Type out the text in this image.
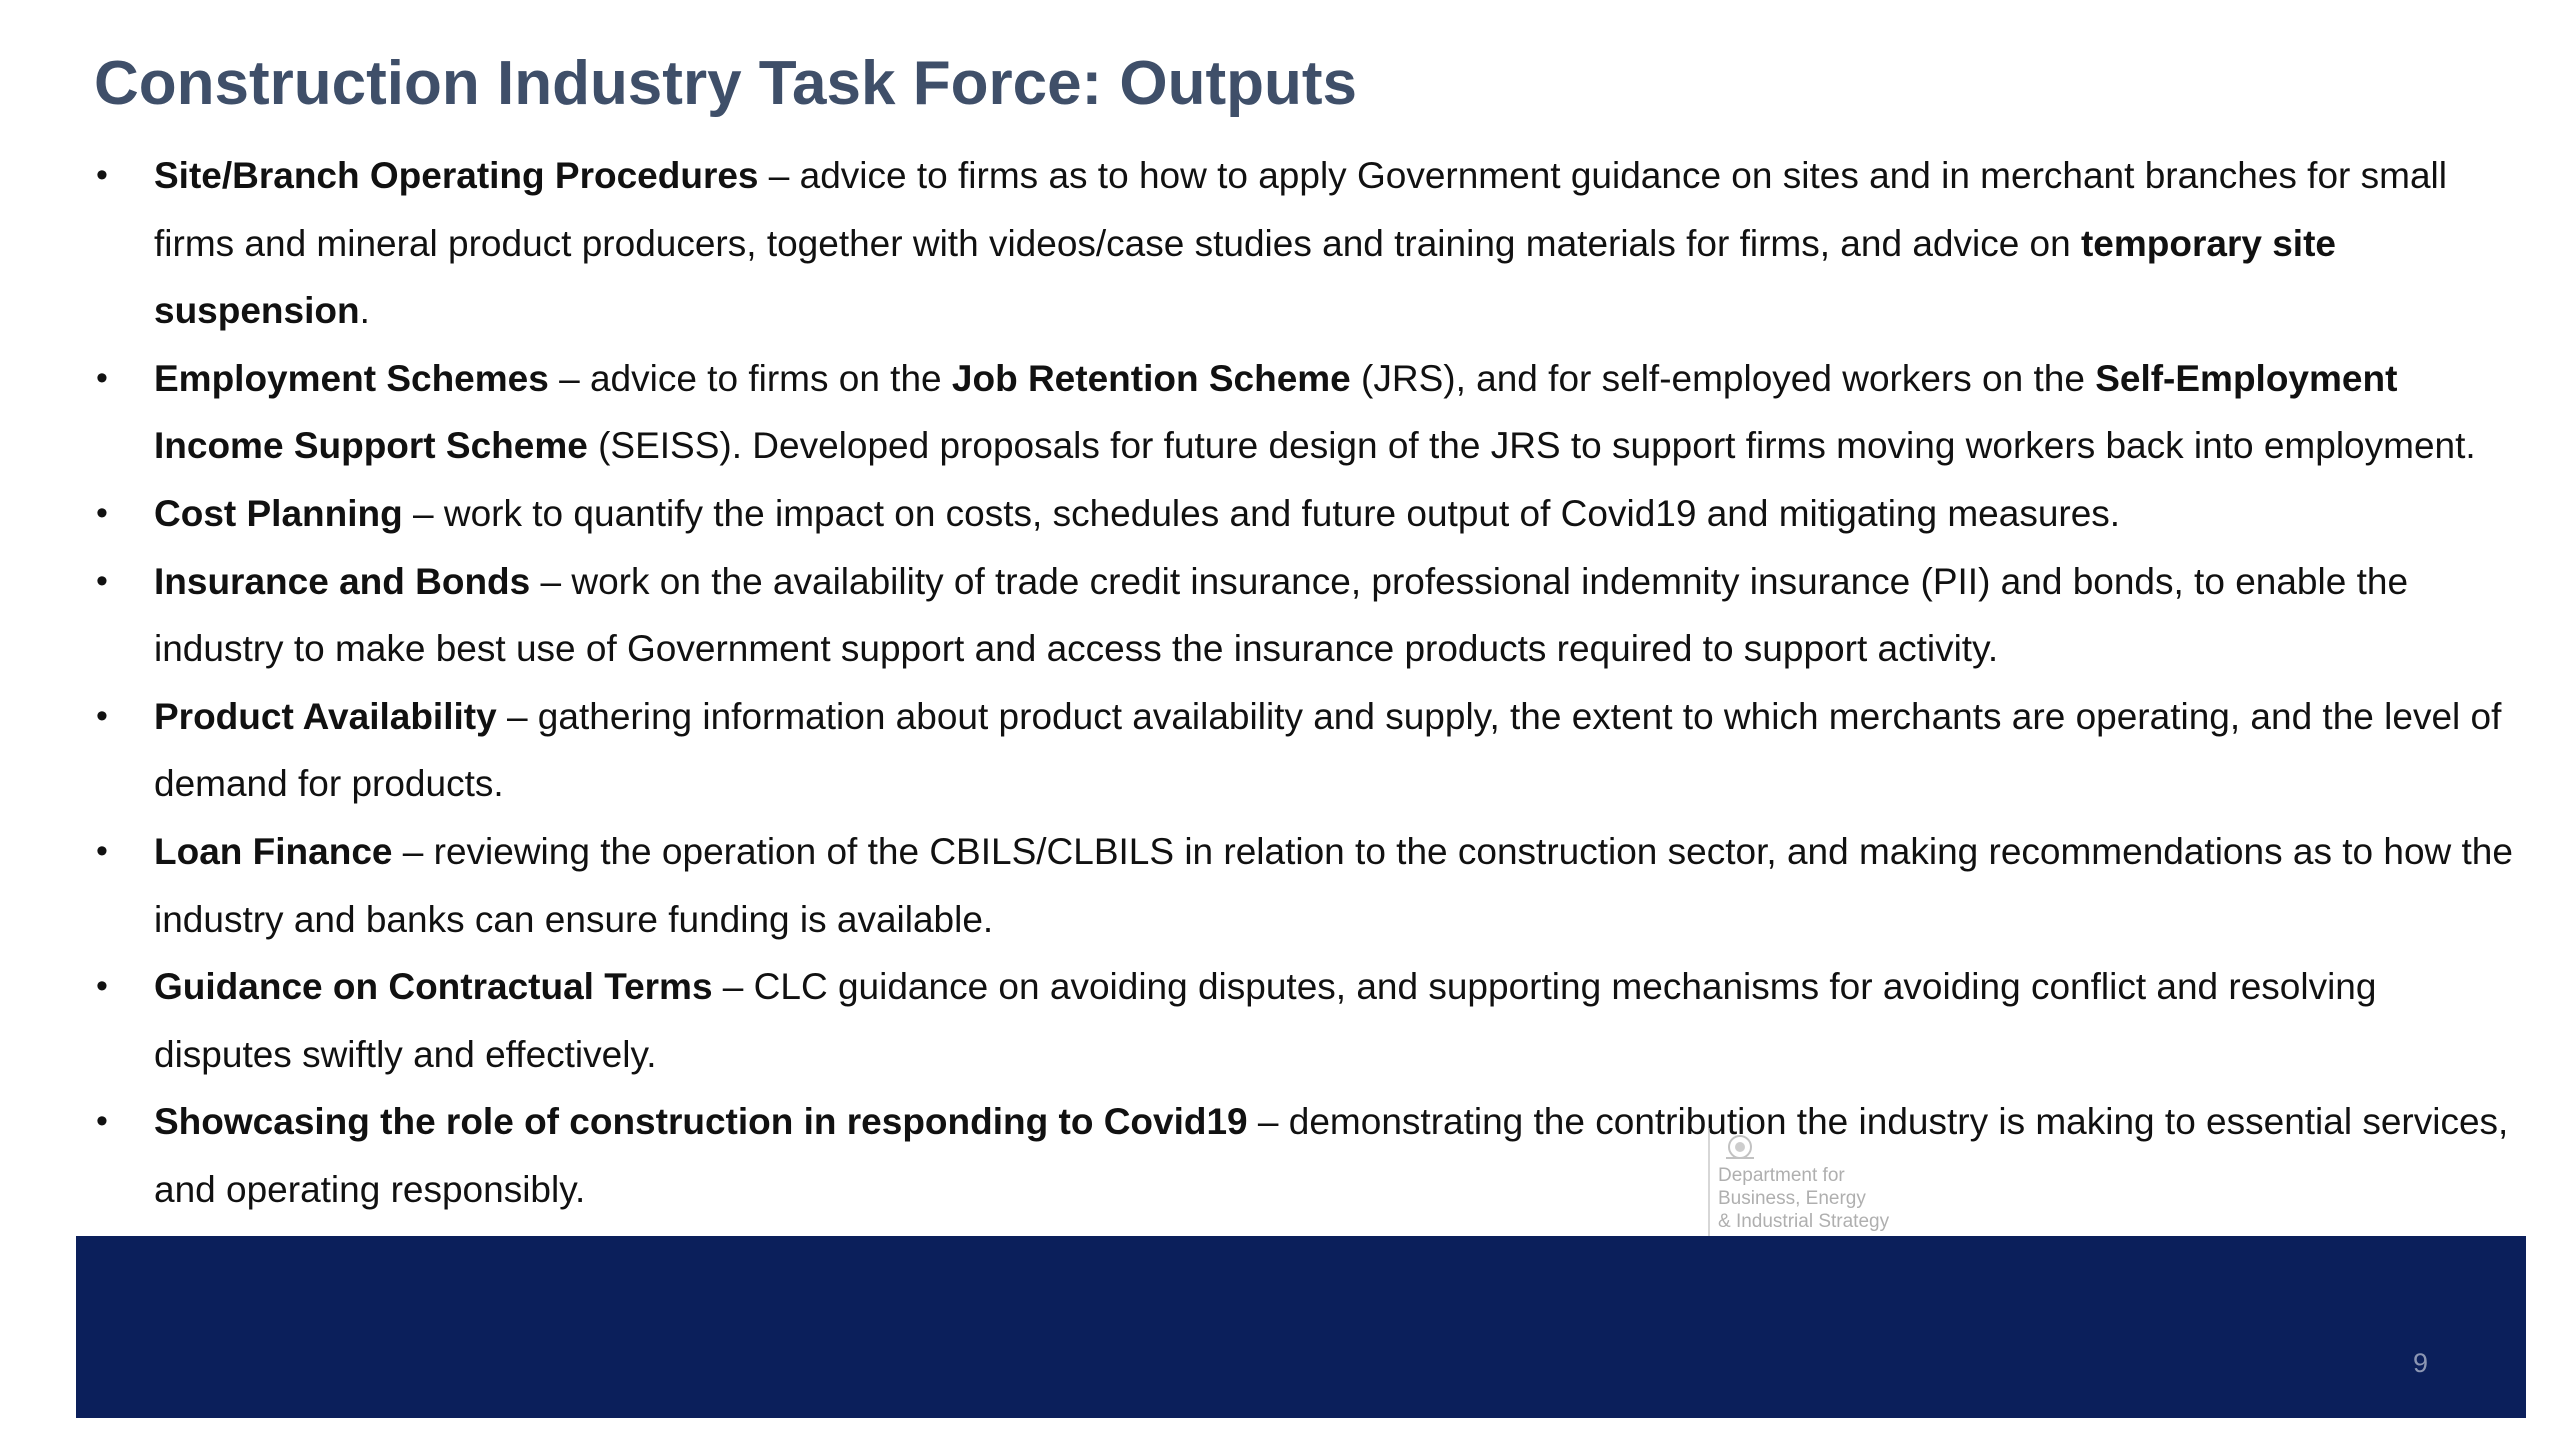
Construction Industry Task Force: Outputs
• Site/Branch Operating Procedures – advice to firms as to how to apply Government guidance on sites and in merchant branches for small firms and mineral product producers, together with videos/case studies and training materials for firms, and advice on temporary site suspension.
• Employment Schemes – advice to firms on the Job Retention Scheme (JRS), and for self-employed workers on the Self-Employment Income Support Scheme (SEISS). Developed proposals for future design of the JRS to support firms moving workers back into employment.
• Cost Planning – work to quantify the impact on costs, schedules and future output of Covid19 and mitigating measures.
• Insurance and Bonds – work on the availability of trade credit insurance, professional indemnity insurance (PII) and bonds, to enable the industry to make best use of Government support and access the insurance products required to support activity.
• Product Availability – gathering information about product availability and supply, the extent to which merchants are operating, and the level of demand for products.
• Loan Finance – reviewing the operation of the CBILS/CLBILS in relation to the construction sector, and making recommendations as to how the industry and banks can ensure funding is available.
• Guidance on Contractual Terms – CLC guidance on avoiding disputes, and supporting mechanisms for avoiding conflict and resolving disputes swiftly and effectively.
• Showcasing the role of construction in responding to Covid19 – demonstrating the contribution the industry is making to essential services, and operating responsibly.	Department for
Business, Energy
& Industrial Strategy
9
